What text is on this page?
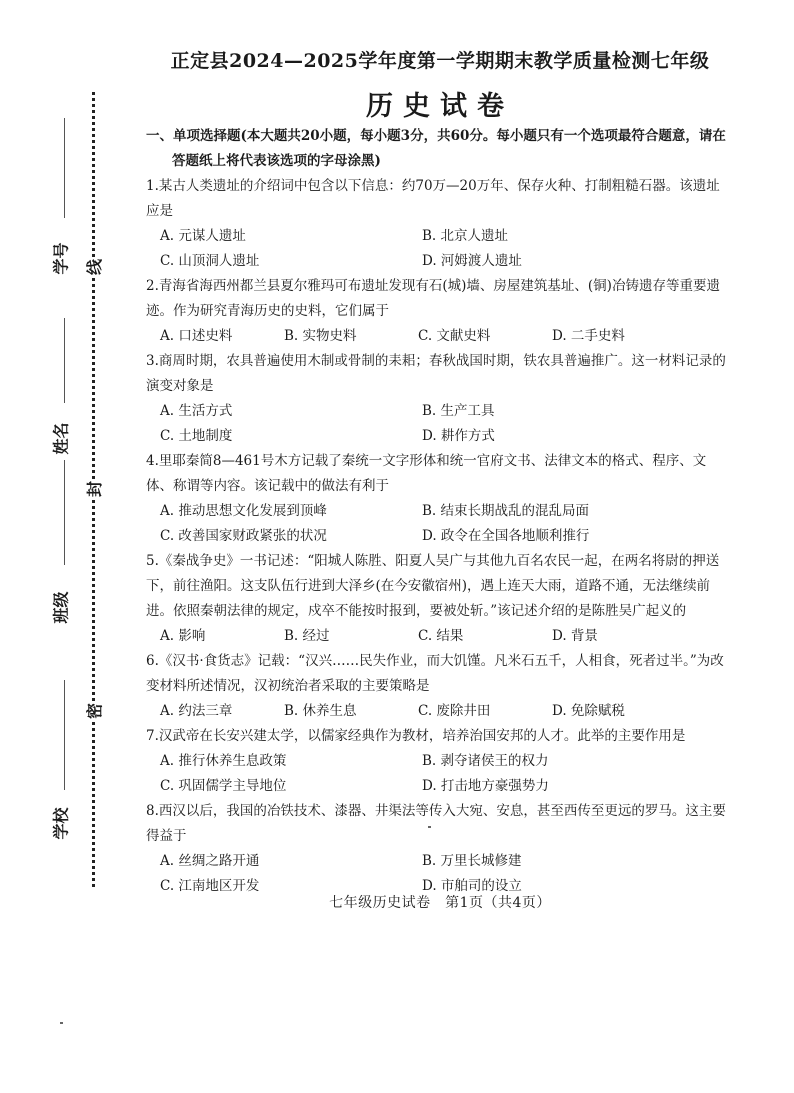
学号
姓名
班级
学校
线
封
密
正定县2024—2025学年度第一学期期末教学质量检测七年级
历史试卷

一、单项选择题(本大题共20小题，每小题3分，共60分。每小题只有一个选项最符合题意，请在
答题纸上将代表该选项的字母涂黑)

1.某古人类遗址的介绍词中包含以下信息：约70万—20万年、保存火种、打制粗糙石器。该遗址应是

A. 元谋人遗址	B. 北京人遗址
C. 山顶洞人遗址	D. 河姆渡人遗址

2.青海省海西州都兰县夏尔雅玛可布遗址发现有石(城)墙、房屋建筑基址、(铜)冶铸遗存等重要遗迹。作为研究青海历史的史料，它们属于

A. 口述史料	B. 实物史料	C. 文献史料	D. 二手史料

3.商周时期，农具普遍使用木制或骨制的耒耜；春秋战国时期，铁农具普遍推广。这一材料记录的演变对象是

A. 生活方式	B. 生产工具
C. 土地制度	D. 耕作方式

4.里耶秦简8—461号木方记载了秦统一文字形体和统一官府文书、法律文本的格式、程序、文体、称谓等内容。该记载中的做法有利于

A. 推动思想文化发展到顶峰	B. 结束长期战乱的混乱局面
C. 改善国家财政紧张的状况	D. 政令在全国各地顺利推行

5.《秦战争史》一书记述：“阳城人陈胜、阳夏人吴广与其他九百名农民一起，在两名将尉的押送下，前往渔阳。这支队伍行进到大泽乡(在今安徽宿州)，遇上连天大雨，道路不通，无法继续前进。依照秦朝法律的规定，戍卒不能按时报到，要被处斩。”该记述介绍的是陈胜吴广起义的

A. 影响	B. 经过	C. 结果	D. 背景

6.《汉书·食货志》记载：“汉兴……民失作业，而大饥馑。凡米石五千，人相食，死者过半。”为改变材料所述情况，汉初统治者采取的主要策略是

A. 约法三章	B. 休养生息	C. 废除井田	D. 免除赋税

7.汉武帝在长安兴建太学，以儒家经典作为教材，培养治国安邦的人才。此举的主要作用是

A. 推行休养生息政策	B. 剥夺诸侯王的权力
C. 巩固儒学主导地位	D. 打击地方豪强势力

8.西汉以后，我国的冶铁技术、漆器、井渠法等传入大宛、安息，甚至西传至更远的罗马。这主要得益于

A. 丝绸之路开通	B. 万里长城修建
C. 江南地区开发	D. 市舶司的设立
七年级历史试卷　第1页（共4页）
